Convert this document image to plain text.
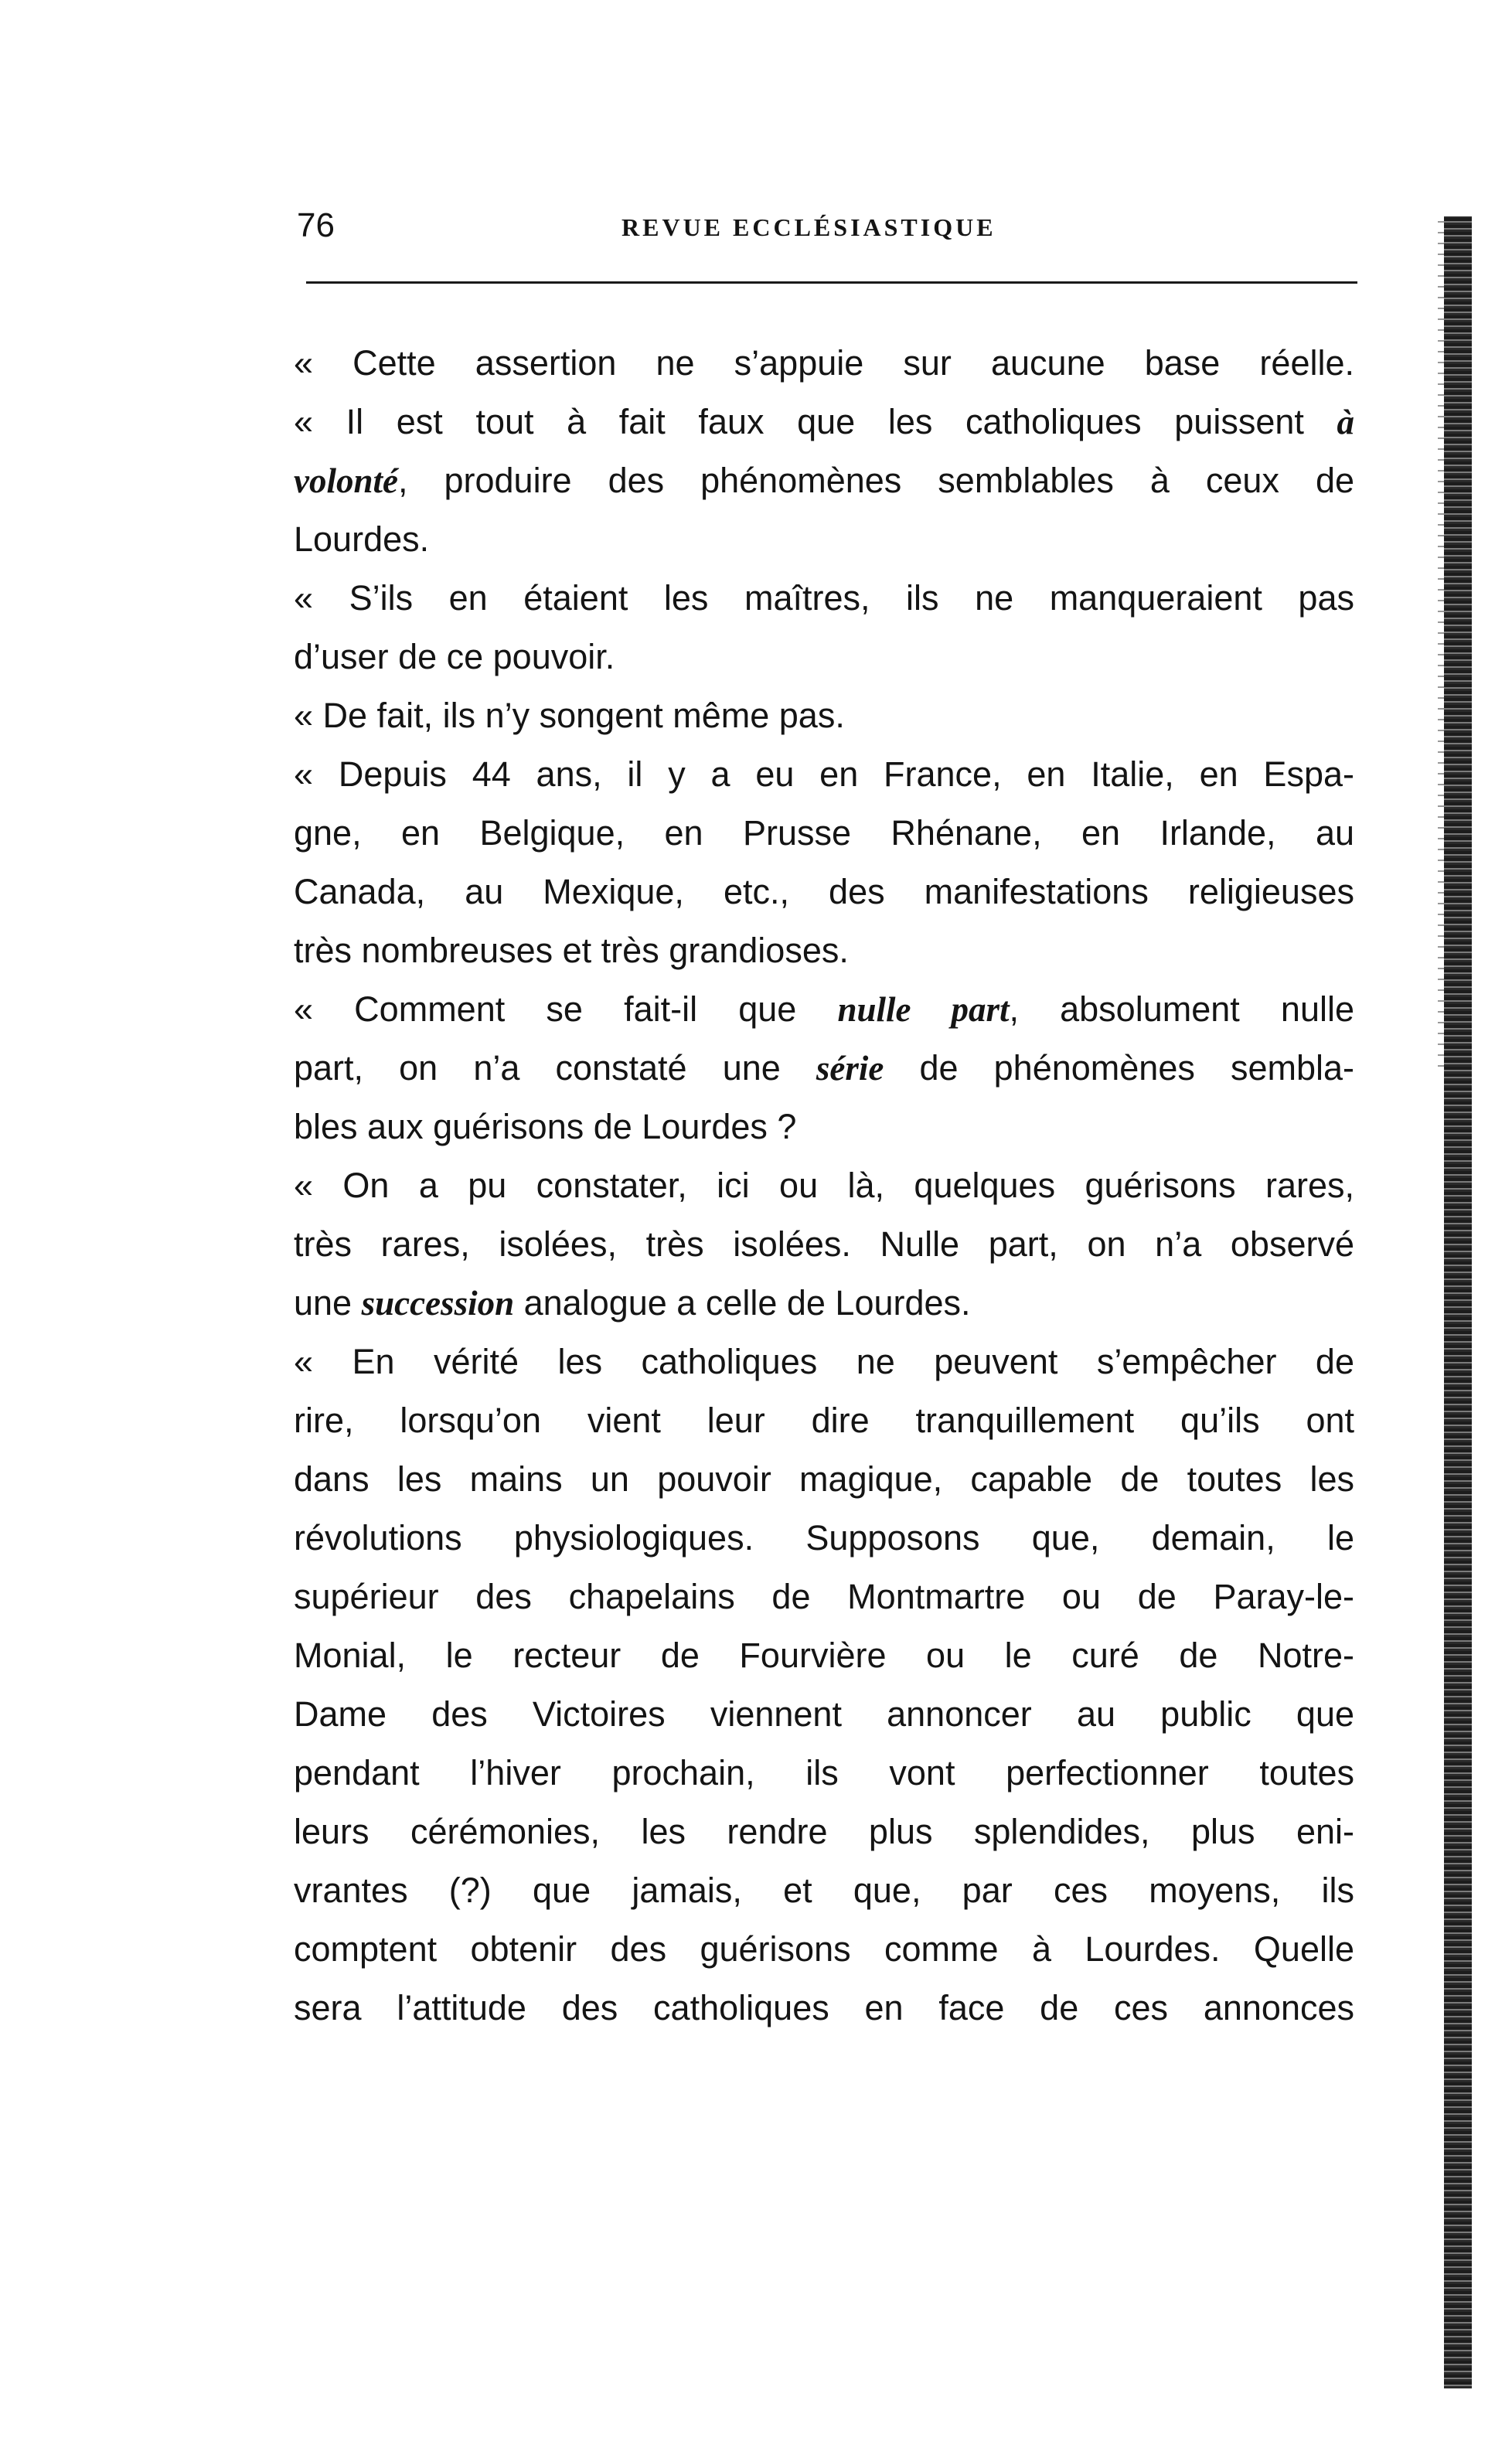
76	REVUE ECCLÉSIASTIQUE
« Cette assertion ne s’appuie sur aucune base réelle.
« Il est tout à fait faux que les catholiques puissent à
volonté, produire des phénomènes semblables à ceux de
Lourdes.
« S’ils en étaient les maîtres, ils ne manqueraient pas
d’user de ce pouvoir.
« De fait, ils n’y songent même pas.
« Depuis 44 ans, il y a eu en France, en Italie, en Espa-
gne, en Belgique, en Prusse Rhénane, en Irlande, au
Canada, au Mexique, etc., des manifestations religieuses
très nombreuses et très grandioses.
« Comment se fait-il que nulle part, absolument nulle
part, on n’a constaté une série de phénomènes sembla-
bles aux guérisons de Lourdes ?
« On a pu constater, ici ou là, quelques guérisons rares,
très rares, isolées, très isolées. Nulle part, on n’a observé
une succession analogue a celle de Lourdes.
« En vérité les catholiques ne peuvent s’empêcher de
rire, lorsqu’on vient leur dire tranquillement qu’ils ont
dans les mains un pouvoir magique, capable de toutes les
révolutions physiologiques. Supposons que, demain, le
supérieur des chapelains de Montmartre ou de Paray-le-
Monial, le recteur de Fourvière ou le curé de Notre-
Dame des Victoires viennent annoncer au public que
pendant l’hiver prochain, ils vont perfectionner toutes
leurs cérémonies, les rendre plus splendides, plus eni-
vrantes (?) que jamais, et que, par ces moyens, ils
comptent obtenir des guérisons comme à Lourdes. Quelle
sera l’attitude des catholiques en face de ces annonces
